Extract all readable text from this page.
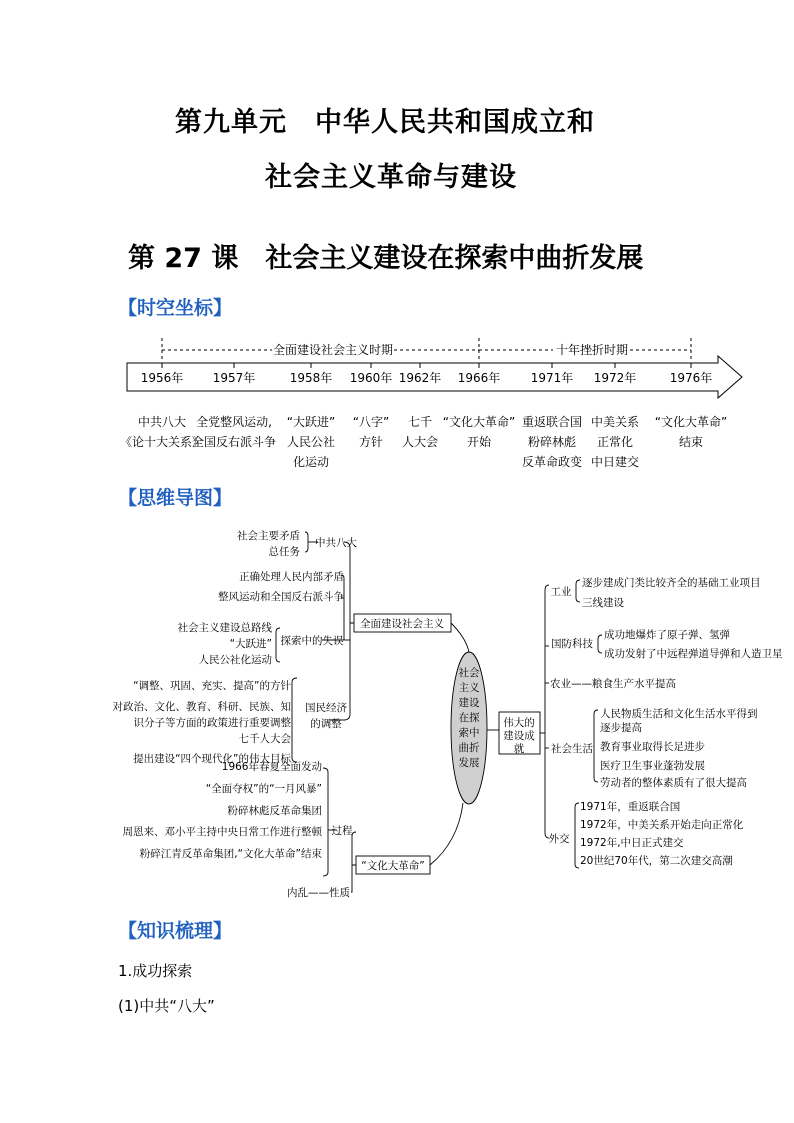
第九单元　中华人民共和国成立和
社会主义革命与建设
第 27 课　社会主义建设在探索中曲折发展
【时空坐标】
【思维导图】
【知识梳理】
全面建设社会主义时期	十年挫折时期
1956年 1957年	1958年 1960年 1962年 1966年	1971年 1972年	1976年
中共八大
《论十大关系》
全党整风运动,
全国反右派斗争
“大跃进”
人民公社
化运动
“八字”
方针
七千
人大会
“文化大革命”
开始
重返联合国
粉碎林彪
反革命政变
中美关系
正常化
中日建交
“文化大革命”
结束
社会
主义
建设
在探
索中
曲折
发展
全面建设社会主义
“文化大革命”
伟大的
建设成
就
中共八大
探索中的失误
国民经济
的调整
社会主要矛盾
总任务
正确处理人民内部矛盾
整风运动和全国反右派斗争
社会主义建设总路线
“大跃进”
人民公社化运动
“调整、巩固、充实、提高”的方针
对政治、文化、教育、科研、民族、知
识分子等方面的政策进行重要调整
七千人大会
提出建设“四个现代化”的伟大目标
过程
1966年春夏全面发动
“全面夺权”的“一月风暴”
粉碎林彪反革命集团
周恩来、邓小平主持中央日常工作进行整顿
粉碎江青反革命集团,“文化大革命”结束
内乱——性质
工业
国防科技
农业——粮食生产水平提高
社会生活
外交
逐步建成门类比较齐全的基础工业项目
三线建设
成功地爆炸了原子弹、氢弹
成功发射了中远程弹道导弹和人造卫星
人民物质生活和文化生活水平得到
逐步提高
教育事业取得长足进步
医疗卫生事业蓬勃发展
劳动者的整体素质有了很大提高
1971年，重返联合国
1972年，中美关系开始走向正常化
1972年,中日正式建交
20世纪70年代，第二次建交高潮
1.成功探索
(1)中共“八大”
